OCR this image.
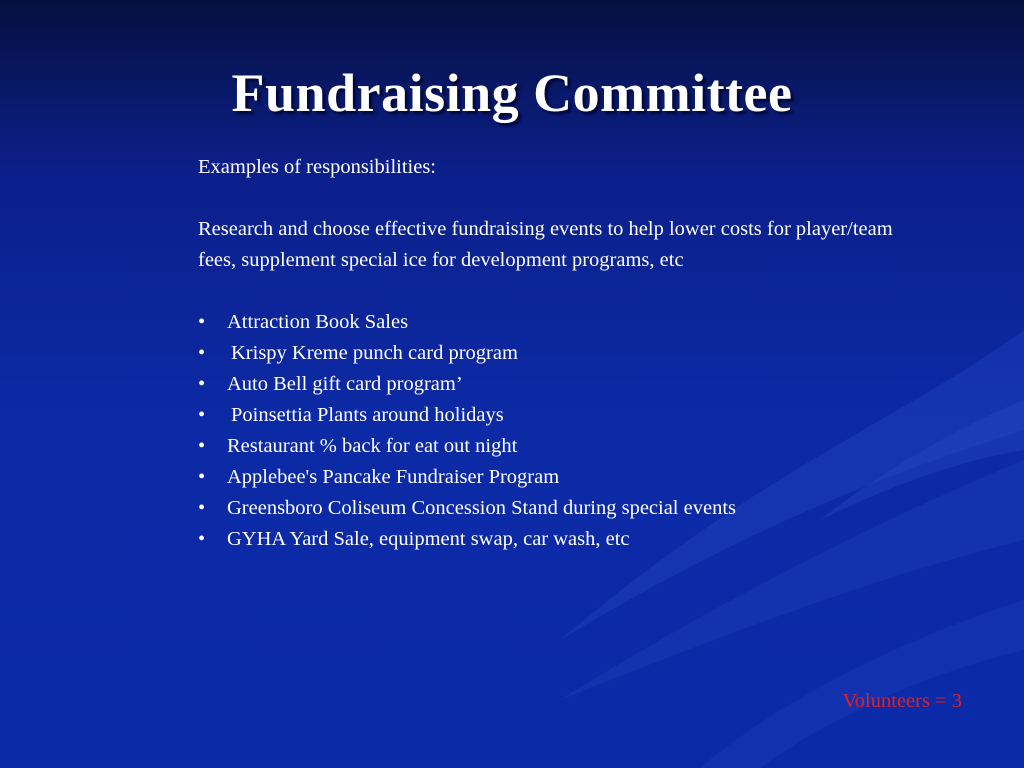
Fundraising Committee

Examples of responsibilities:

Research and choose effective fundraising events to help lower costs for player/team fees, supplement special ice for development programs, etc

• Attraction Book Sales
• Krispy Kreme punch card program
• Auto Bell gift card program’
• Poinsettia Plants around holidays
• Restaurant % back for eat out night
• Applebee's Pancake Fundraiser Program
• Greensboro Coliseum Concession Stand during special events
• GYHA Yard Sale, equipment swap, car wash, etc
Volunteers = 3
